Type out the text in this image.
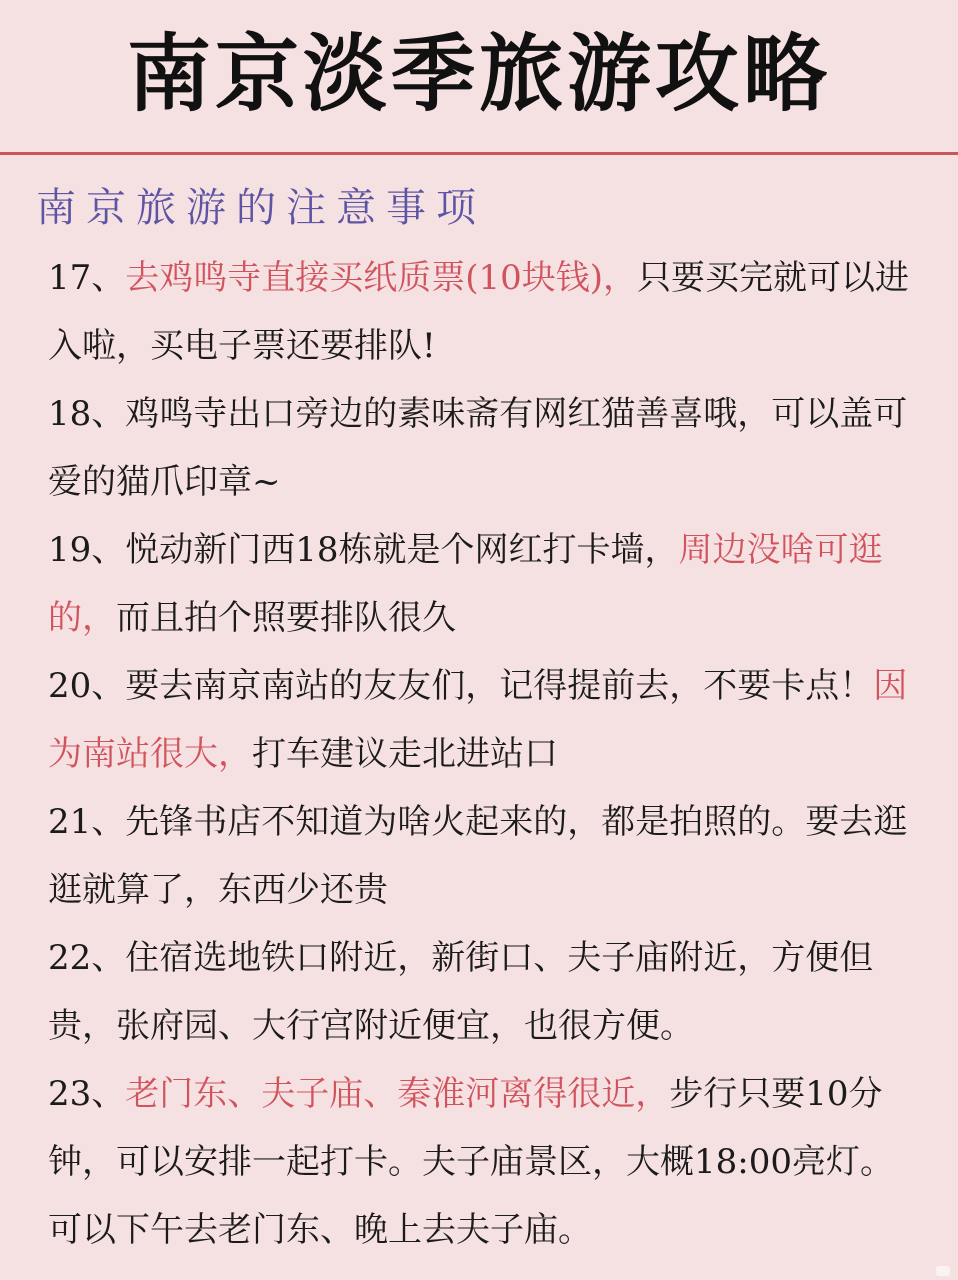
南京淡季旅游攻略
南京旅游的注意事项
17、去鸡鸣寺直接买纸质票(10块钱)，只要买完就可以进入啦，买电子票还要排队!
18、鸡鸣寺出口旁边的素味斋有网红猫善喜哦，可以盖可爱的猫爪印章~
19、悦动新门西18栋就是个网红打卡墙，周边没啥可逛的，而且拍个照要排队很久
20、要去南京南站的友友们，记得提前去，不要卡点！因为南站很大，打车建议走北进站口
21、先锋书店不知道为啥火起来的，都是拍照的。要去逛逛就算了，东西少还贵
22、住宿选地铁口附近，新街口、夫子庙附近，方便但贵，张府园、大行宫附近便宜，也很方便。
23、老门东、夫子庙、秦淮河离得很近，步行只要10分钟，可以安排一起打卡。夫子庙景区，大概18:00亮灯。可以下午去老门东、晚上去夫子庙。
